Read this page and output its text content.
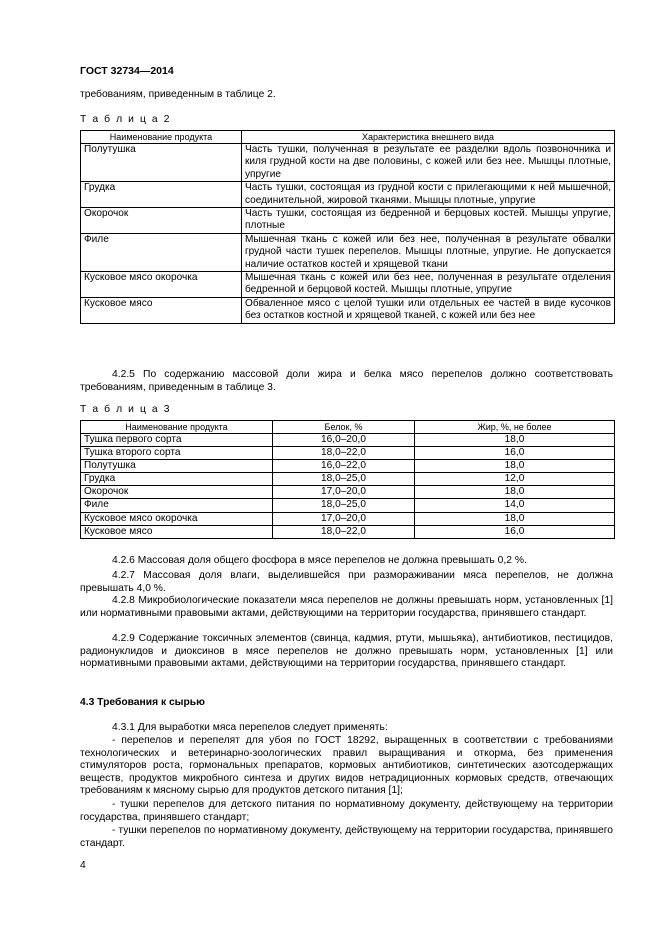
ГОСТ 32734—2014
требованиям, приведенным в таблице 2.
Т а б л и ц а 2
Наименование продукта	Характеристика внешнего вида
Полутушка	Часть тушки, полученная в результате ее разделки вдоль позвоночника и киля грудной кости на две половины, с кожей или без нее. Мышцы плотные, упругие
Грудка	Часть тушки, состоящая из грудной кости с прилегающими к ней мышечной, соединительной, жировой тканями. Мышцы плотные, упругие
Окорочок	Часть тушки, состоящая из бедренной и берцовых костей. Мышцы упругие, плотные
Филе	Мышечная ткань с кожей или без нее, полученная в результате обвалки грудной части тушек перепелов. Мышцы плотные, упругие. Не допускается наличие остатков костей и хрящевой ткани
Кусковое мясо окорочка	Мышечная ткань с кожей или без нее, полученная в результате отделения бедренной и берцовой костей. Мышцы плотные, упругие
Кусковое мясо	Обваленное мясо с целой тушки или отдельных ее частей в виде кусочков без остатков костной и хрящевой тканей, с кожей или без нее
4.2.5 По содержанию массовой доли жира и белка мясо перепелов должно соответствовать требованиям, приведенным в таблице 3.
Т а б л и ц а 3
Наименование продукта	Белок, %	Жир, %, не более
Тушка первого сорта	16,0–20,0	18,0
Тушка второго сорта	18,0–22,0	16,0
Полутушка	16,0–22,0	18,0
Грудка	18,0–25,0	12,0
Окорочок	17,0–20,0	18,0
Филе	18,0–25,0	14,0
Кусковое мясо окорочка	17,0–20,0	18,0
Кусковое мясо	18,0–22,0	16,0
4.2.6 Массовая доля общего фосфора в мясе перепелов не должна превышать 0,2 %.
4.2.7 Массовая доля влаги, выделившейся при размораживании мяса перепелов, не должна превышать 4,0 %.
4.2.8 Микробиологические показатели мяса перепелов не должны превышать норм, установленных [1] или нормативными правовыми актами, действующими на территории государства, принявшего стандарт.
4.2.9 Содержание токсичных элементов (свинца, кадмия, ртути, мышьяка), антибиотиков, пестицидов, радионуклидов и диоксинов в мясе перепелов не должно превышать норм, установленных [1] или нормативными правовыми актами, действующими на территории государства, принявшего стандарт.
4.3 Требования к сырью
4.3.1 Для выработки мяса перепелов следует применять:
- перепелов и перепелят для убоя по ГОСТ 18292, выращенных в соответствии с требованиями технологических и ветеринарно-зоологических правил выращивания и откорма, без применения стимуляторов роста, гормональных препаратов, кормовых антибиотиков, синтетических азотсодержащих веществ, продуктов микробного синтеза и других видов нетрадиционных кормовых средств, отвечающих требованиям к мясному сырью для продуктов детского питания [1];
- тушки перепелов для детского питания по нормативному документу, действующему на территории государства, принявшего стандарт;
- тушки перепелов по нормативному документу, действующему на территории государства, принявшего стандарт.
4
